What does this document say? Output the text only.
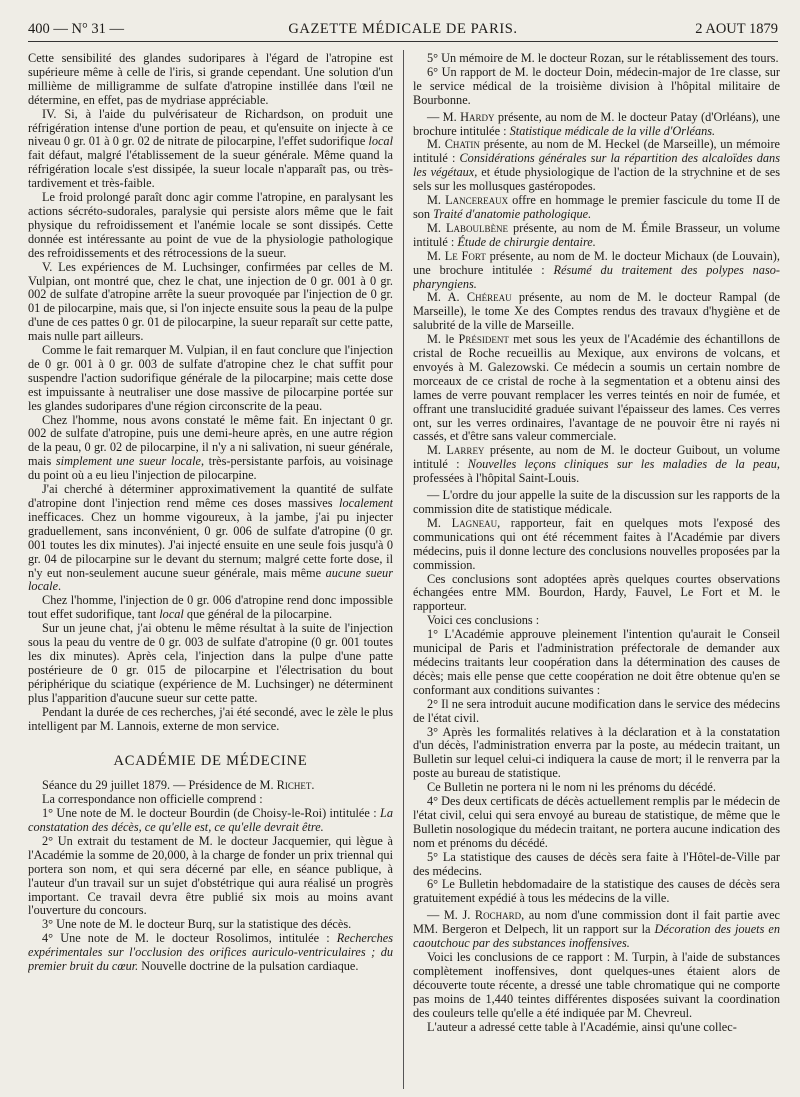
400 — N° 31 —	GAZETTE MÉDICALE DE PARIS.	2 AOUT 1879

Cette sensibilité des glandes sudoripares à l'égard de l'atropine est supérieure même à celle de l'iris, si grande cependant. Une solution d'un millième de milligramme de sulfate d'atropine instillée dans l'œil ne détermine, en effet, pas de mydriase appréciable.

IV. Si, à l'aide du pulvérisateur de Richardson, on produit une réfrigération intense d'une portion de peau, et qu'ensuite on injecte à ce niveau 0 gr. 01 à 0 gr. 02 de nitrate de pilocarpine, l'effet sudorifique local fait défaut, malgré l'établissement de la sueur générale. Même quand la réfrigération locale s'est dissipée, la sueur locale n'apparaît pas, ou très-tardivement et très-faible.

Le froid prolongé paraît donc agir comme l'atropine, en paralysant les actions sécréto-sudorales, paralysie qui persiste alors même que le fait physique du refroidissement et l'anémie locale se sont dissipés. Cette donnée est intéressante au point de vue de la physiologie pathologique des refroidissements et des rétrocessions de la sueur.

V. Les expériences de M. Luchsinger, confirmées par celles de M. Vulpian, ont montré que, chez le chat, une injection de 0 gr. 001 à 0 gr. 002 de sulfate d'atropine arrête la sueur provoquée par l'injection de 0 gr. 01 de pilocarpine, mais que, si l'on injecte ensuite sous la peau de la pulpe d'une de ces pattes 0 gr. 01 de pilocarpine, la sueur reparaît sur cette patte, mais nulle part ailleurs.

Comme le fait remarquer M. Vulpian, il en faut conclure que l'injection de 0 gr. 001 à 0 gr. 003 de sulfate d'atropine chez le chat suffit pour suspendre l'action sudorifique générale de la pilocarpine; mais cette dose est impuissante à neutraliser une dose massive de pilocarpine portée sur les glandes sudoripares d'une région circonscrite de la peau.

Chez l'homme, nous avons constaté le même fait. En injectant 0 gr. 002 de sulfate d'atropine, puis une demi-heure après, en une autre région de la peau, 0 gr. 02 de pilocarpine, il n'y a ni salivation, ni sueur générale, mais simplement une sueur locale, très-persistante parfois, au voisinage du point où a eu lieu l'injection de pilocarpine.

J'ai cherché à déterminer approximativement la quantité de sulfate d'atropine dont l'injection rend même ces doses massives localement inefficaces. Chez un homme vigoureux, à la jambe, j'ai pu injecter graduellement, sans inconvénient, 0 gr. 006 de sulfate d'atropine (0 gr. 001 toutes les dix minutes). J'ai injecté ensuite en une seule fois jusqu'à 0 gr. 04 de pilocarpine sur le devant du sternum; malgré cette forte dose, il n'y eut non-seulement aucune sueur générale, mais même aucune sueur locale.

Chez l'homme, l'injection de 0 gr. 006 d'atropine rend donc impossible tout effet sudorifique, tant local que général de la pilocarpine.

Sur un jeune chat, j'ai obtenu le même résultat à la suite de l'injection sous la peau du ventre de 0 gr. 003 de sulfate d'atropine (0 gr. 001 toutes les dix minutes). Après cela, l'injection dans la pulpe d'une patte postérieure de 0 gr. 015 de pilocarpine et l'électrisation du bout périphérique du sciatique (expérience de M. Luchsinger) ne déterminent plus l'apparition d'aucune sueur sur cette patte.

Pendant la durée de ces recherches, j'ai été secondé, avec le zèle le plus intelligent par M. Lannois, externe de mon service.

ACADÉMIE DE MÉDECINE

Séance du 29 juillet 1879. — Présidence de M. Richet.

La correspondance non officielle comprend :

1° Une note de M. le docteur Bourdin (de Choisy-le-Roi) intitulée : La constatation des décès, ce qu'elle est, ce qu'elle devrait être.

2° Un extrait du testament de M. le docteur Jacquemier, qui lègue à l'Académie la somme de 20,000, à la charge de fonder un prix triennal qui portera son nom, et qui sera décerné par elle, en séance publique, à l'auteur d'un travail sur un sujet d'obstétrique qui aura réalisé un progrès important. Ce travail devra être publié six mois au moins avant l'ouverture du concours.

3° Une note de M. le docteur Burq, sur la statistique des décès.

4° Une note de M. le docteur Rosolimos, intitulée : Recherches expérimentales sur l'occlusion des orifices auriculo-ventriculaires ; du premier bruit du cœur. Nouvelle doctrine de la pulsation cardiaque.

5° Un mémoire de M. le docteur Rozan, sur le rétablissement des tours.

6° Un rapport de M. le docteur Doin, médecin-major de 1re classe, sur le service médical de la troisième division à l'hôpital militaire de Bourbonne.

— M. Hardy présente, au nom de M. le docteur Patay (d'Orléans), une brochure intitulée : Statistique médicale de la ville d'Orléans.

M. Chatin présente, au nom de M. Heckel (de Marseille), un mémoire intitulé : Considérations générales sur la répartition des alcaloïdes dans les végétaux, et étude physiologique de l'action de la strychnine et de ses sels sur les mollusques gastéropodes.

M. Lancereaux offre en hommage le premier fascicule du tome II de son Traité d'anatomie pathologique.

M. Laboulbène présente, au nom de M. Émile Brasseur, un volume intitulé : Étude de chirurgie dentaire.

M. Le Fort présente, au nom de M. le docteur Michaux (de Louvain), une brochure intitulée : Résumé du traitement des polypes naso-pharyngiens.

M. A. Chéreau présente, au nom de M. le docteur Rampal (de Marseille), le tome Xe des Comptes rendus des travaux d'hygiène et de salubrité de la ville de Marseille.

M. le Président met sous les yeux de l'Académie des échantillons de cristal de Roche recueillis au Mexique, aux environs de volcans, et envoyés à M. Galezowski. Ce médecin a soumis un certain nombre de morceaux de ce cristal de roche à la segmentation et a obtenu ainsi des lames de verre pouvant remplacer les verres teintés en noir de fumée, et offrant une translucidité graduée suivant l'épaisseur des lames. Ces verres ont, sur les verres ordinaires, l'avantage de ne pouvoir être ni rayés ni cassés, et d'être sans valeur commerciale.

M. Larrey présente, au nom de M. le docteur Guibout, un volume intitulé : Nouvelles leçons cliniques sur les maladies de la peau, professées à l'hôpital Saint-Louis.

— L'ordre du jour appelle la suite de la discussion sur les rapports de la commission dite de statistique médicale.

M. Lagneau, rapporteur, fait en quelques mots l'exposé des communications qui ont été récemment faites à l'Académie par divers médecins, puis il donne lecture des conclusions nouvelles proposées par la commission.

Ces conclusions sont adoptées après quelques courtes observations échangées entre MM. Bourdon, Hardy, Fauvel, Le Fort et M. le rapporteur.

Voici ces conclusions :

1° L'Académie approuve pleinement l'intention qu'aurait le Conseil municipal de Paris et l'administration préfectorale de demander aux médecins traitants leur coopération dans la détermination des causes de décès; mais elle pense que cette coopération ne doit être obtenue qu'en se conformant aux conditions suivantes :

2° Il ne sera introduit aucune modification dans le service des médecins de l'état civil.

3° Après les formalités relatives à la déclaration et à la constatation d'un décès, l'administration enverra par la poste, au médecin traitant, un Bulletin sur lequel celui-ci indiquera la cause de mort; il le renverra par la poste au bureau de statistique.

Ce Bulletin ne portera ni le nom ni les prénoms du décédé.

4° Des deux certificats de décès actuellement remplis par le médecin de l'état civil, celui qui sera envoyé au bureau de statistique, de même que le Bulletin nosologique du médecin traitant, ne portera aucune indication des nom et prénoms du décédé.

5° La statistique des causes de décès sera faite à l'Hôtel-de-Ville par des médecins.

6° Le Bulletin hebdomadaire de la statistique des causes de décès sera gratuitement expédié à tous les médecins de la ville.

— M. J. Rochard, au nom d'une commission dont il fait partie avec MM. Bergeron et Delpech, lit un rapport sur la Décoration des jouets en caoutchouc par des substances inoffensives.

Voici les conclusions de ce rapport : M. Turpin, à l'aide de substances complètement inoffensives, dont quelques-unes étaient alors de découverte toute récente, a dressé une table chromatique qui ne comporte pas moins de 1,440 teintes différentes disposées suivant la coordination des couleurs telle qu'elle a été indiquée par M. Chevreul.

L'auteur a adressé cette table à l'Académie, ainsi qu'une collec-
